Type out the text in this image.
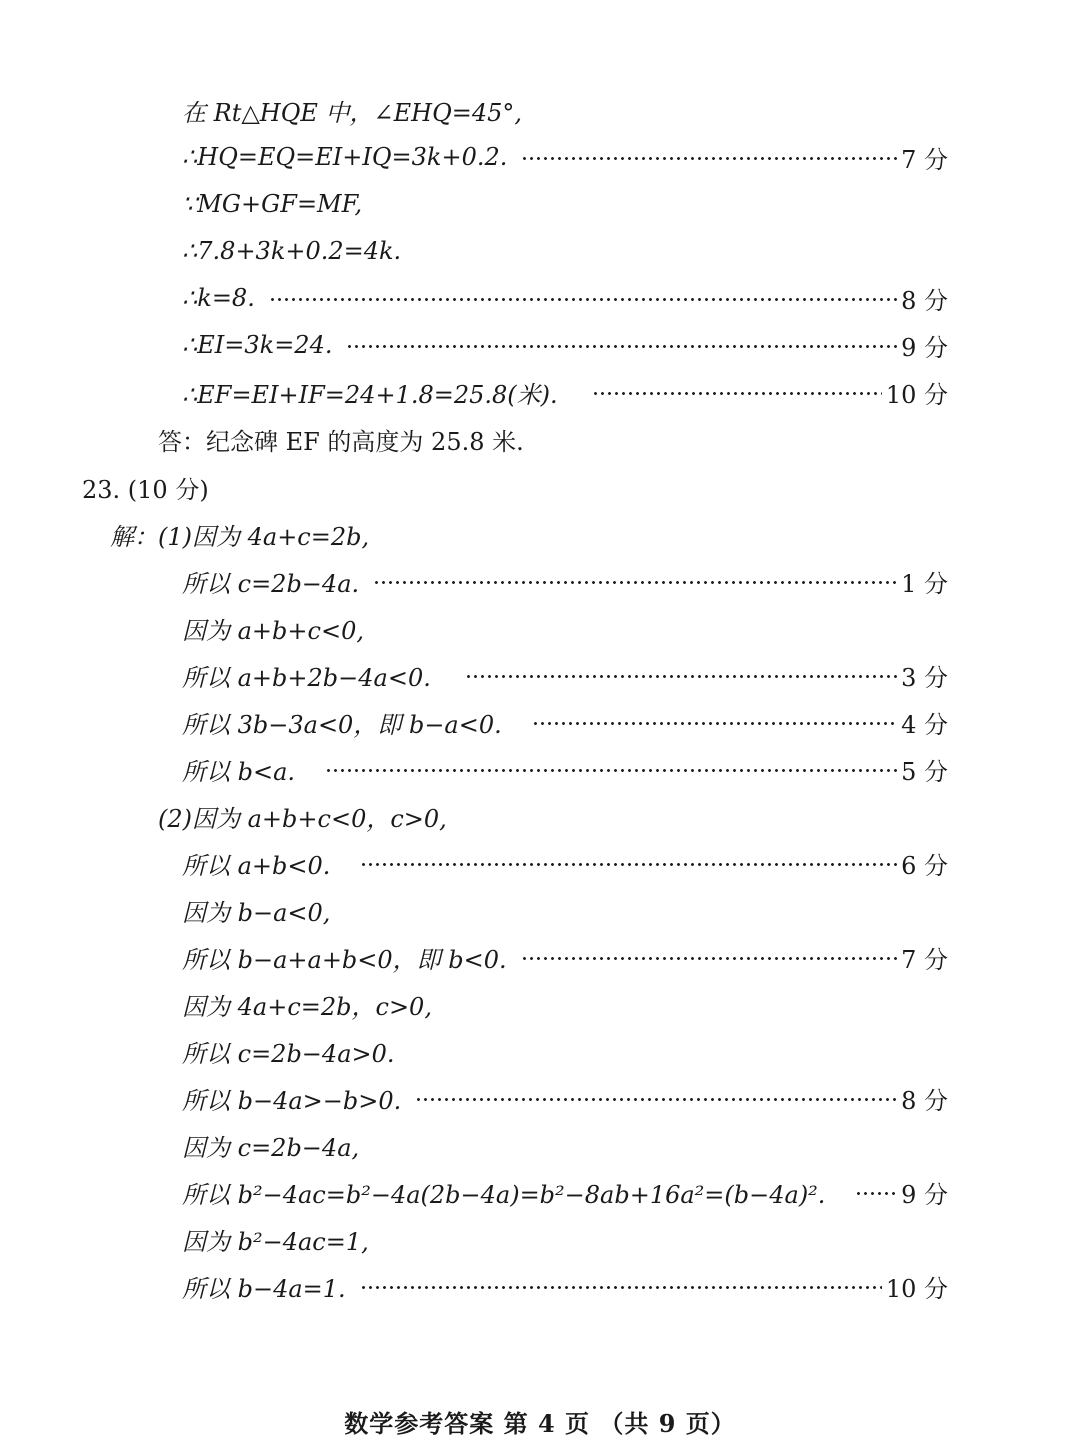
在 Rt△HQE 中，∠EHQ=45°,
∴HQ=EQ=EI+IQ=3k+0.2.	7 分
∵MG+GF=MF,
∴7.8+3k+0.2=4k.
∴k=8.	8 分
∴EI=3k=24.	9 分
∴EF=EI+IF=24+1.8=25.8(米).	10 分
答：纪念碑 EF 的高度为 25.8 米.
23. (10 分)
解：(1)因为 4a+c=2b,
所以 c=2b−4a.	1 分
因为 a+b+c<0,
所以 a+b+2b−4a<0.	3 分
所以 3b−3a<0，即 b−a<0.	4 分
所以 b<a.	5 分
(2)因为 a+b+c<0，c>0,
所以 a+b<0.	6 分
因为 b−a<0,
所以 b−a+a+b<0，即 b<0.	7 分
因为 4a+c=2b，c>0,
所以 c=2b−4a>0.
所以 b−4a>−b>0.	8 分
因为 c=2b−4a,
所以 b²−4ac=b²−4a(2b−4a)=b²−8ab+16a²=(b−4a)².	9 分
因为 b²−4ac=1,
所以 b−4a=1.	10 分
数学参考答案 第 4 页 （共 9 页）
